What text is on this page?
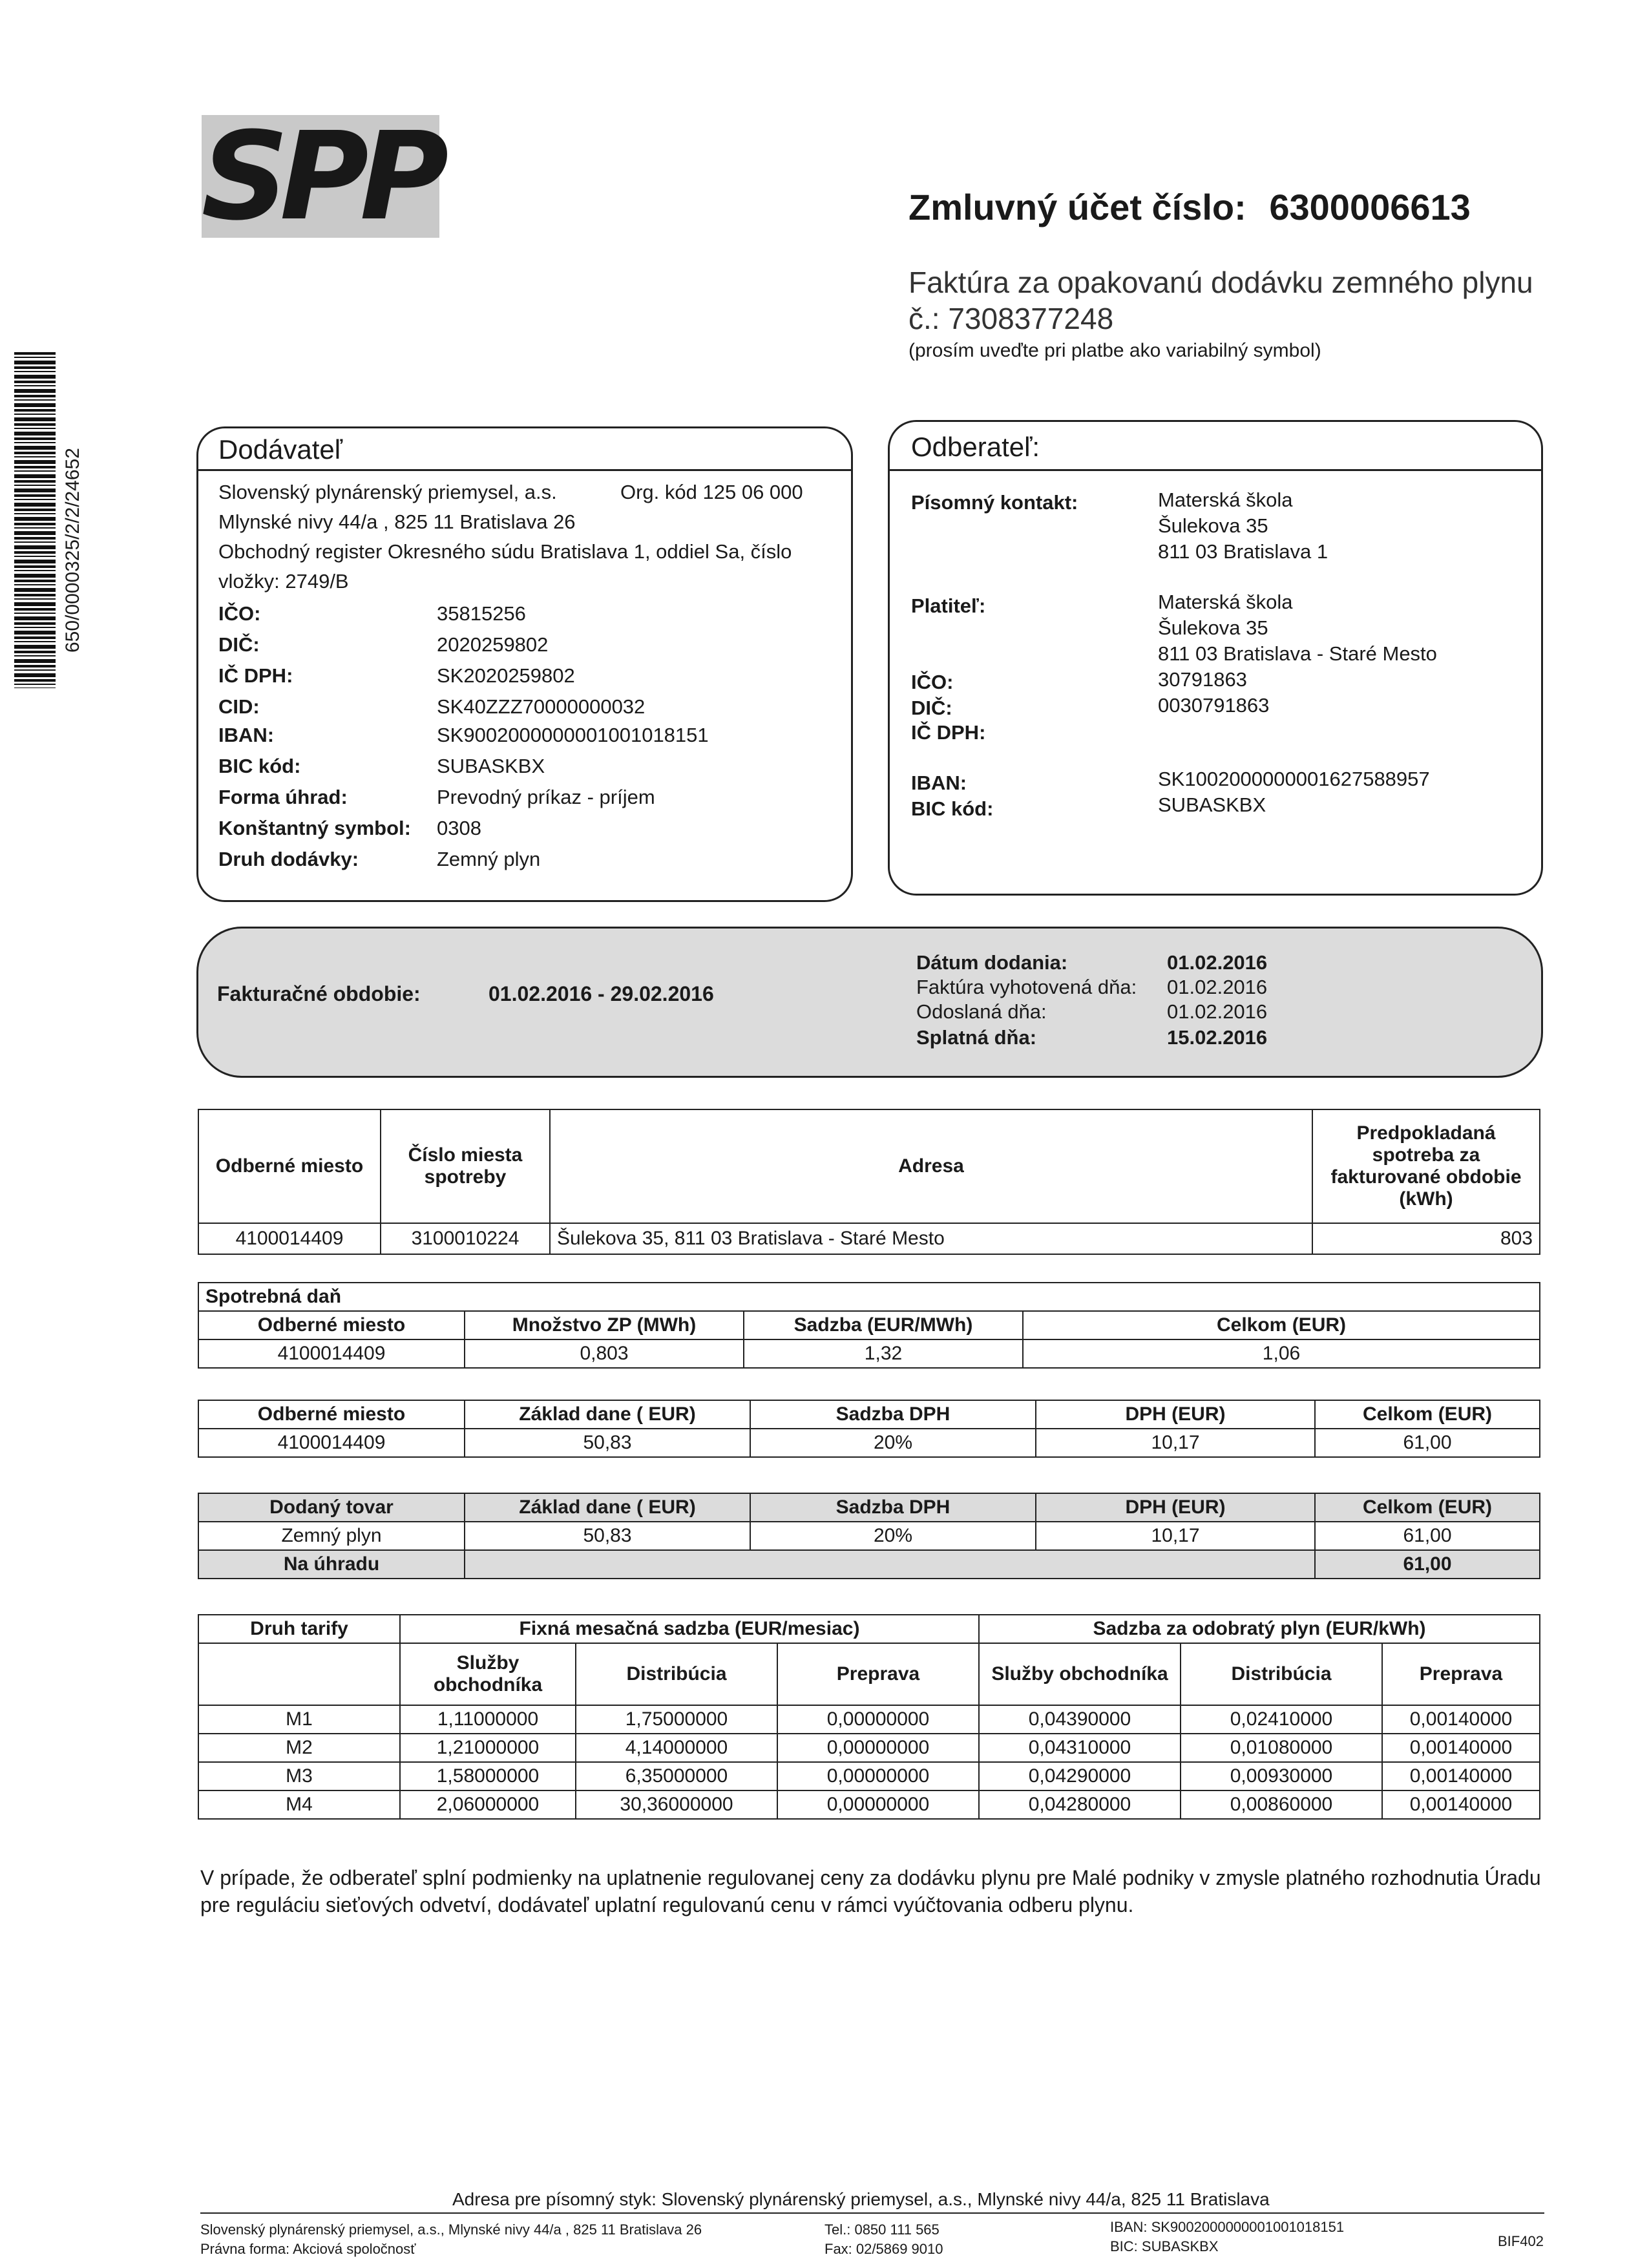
SPP
650/0000325/2/2/24652
Zmluvný účet číslo: 6300006613
Faktúra za opakovanú dodávku zemného plynu
č.: 7308377248
(prosím uveďte pri platbe ako variabilný symbol)
Dodávateľ
Slovenský plynárenský priemysel, a.s.	Org. kód 125 06 000
Mlynské nivy 44/a , 825 11 Bratislava 26
Obchodný register Okresného súdu Bratislava 1, oddiel Sa, číslo
vložky: 2749/B
IČO:	35815256
DIČ:	2020259802
IČ DPH:	SK2020259802
CID:	SK40ZZZ70000000032
IBAN:	SK9002000000001001018151
BIC kód:	SUBASKBX
Forma úhrad:	Prevodný príkaz - príjem
Konštantný symbol: 0308
Druh dodávky:	Zemný plyn
Odberateľ:
Písomný kontakt:	Materská škola
Šulekova 35
811 03 Bratislava 1
Platiteľ:	Materská škola
Šulekova 35
811 03 Bratislava - Staré Mesto
IČO:	30791863
DIČ:	0030791863
IČ DPH:
IBAN:	SK1002000000001627588957
BIC kód:	SUBASKBX
Fakturačné obdobie:	01.02.2016 - 29.02.2016
Dátum dodania:	01.02.2016
Faktúra vyhotovená dňa: 01.02.2016
Odoslaná dňa:	01.02.2016
Splatná dňa:	15.02.2016
Odberné miesto	Číslo miesta spotreby	Adresa	Predpokladaná spotreba za fakturované obdobie (kWh)
4100014409	3100010224	Šulekova 35, 811 03 Bratislava - Staré Mesto	803
Spotrebná daň			
Odberné miesto	Množstvo ZP (MWh)	Sadzba (EUR/MWh)	Celkom (EUR)
4100014409	0,803	1,32	1,06
Odberné miesto	Základ dane ( EUR)	Sadzba DPH	DPH (EUR)	Celkom (EUR)
4100014409	50,83	20%	10,17	61,00
Dodaný tovar	Základ dane ( EUR)	Sadzba DPH	DPH (EUR)	Celkom (EUR)
Zemný plyn	50,83	20%	10,17	61,00
Na úhradu				61,00
Druh tarify	Fixná mesačná sadzba (EUR/mesiac)			Sadzba za odobratý plyn (EUR/kWh)		
	Služby obchodníka	Distribúcia	Preprava	Služby obchodníka	Distribúcia	Preprava
M1	1,11000000	1,75000000	0,00000000	0,04390000	0,02410000	0,00140000
M2	1,21000000	4,14000000	0,00000000	0,04310000	0,01080000	0,00140000
M3	1,58000000	6,35000000	0,00000000	0,04290000	0,00930000	0,00140000
M4	2,06000000	30,36000000	0,00000000	0,04280000	0,00860000	0,00140000
V prípade, že odberateľ splní podmienky na uplatnenie regulovanej ceny za dodávku plynu pre Malé podniky v zmysle platného rozhodnutia Úradu
pre reguláciu sieťových odvetví, dodávateľ uplatní regulovanú cenu v rámci vyúčtovania odberu plynu.
Adresa pre písomný styk: Slovenský plynárenský priemysel, a.s., Mlynské nivy 44/a, 825 11 Bratislava
Slovenský plynárenský priemysel, a.s., Mlynské nivy 44/a , 825 11 Bratislava 26
Právna forma: Akciová spoločnosť
Tel.: 0850 111 565
Fax: 02/5869 9010
IBAN: SK9002000000001001018151
BIC: SUBASKBX	BIF402
